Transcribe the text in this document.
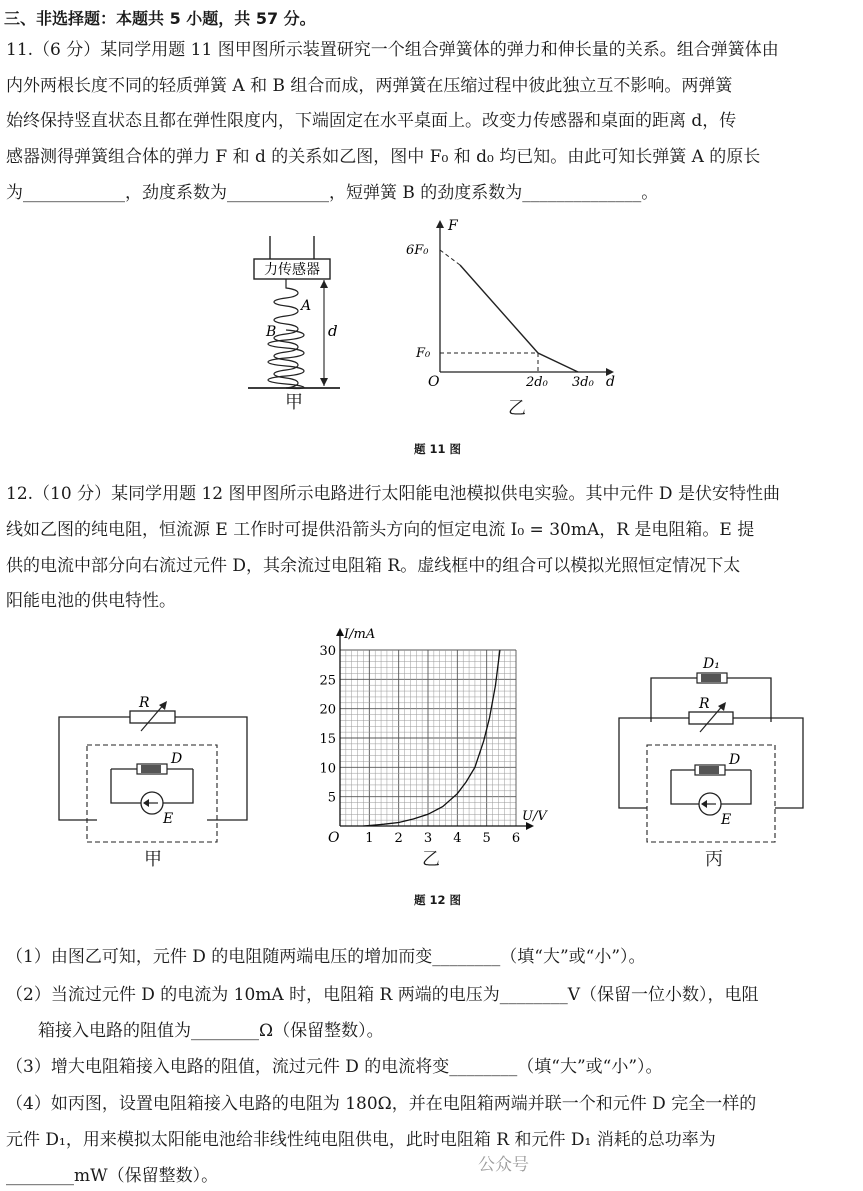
三、非选择题：本题共 5 小题，共 57 分。
11.（6 分）某同学用题 11 图甲图所示装置研究一个组合弹簧体的弹力和伸长量的关系。组合弹簧体由
内外两根长度不同的轻质弹簧 A 和 B 组合而成，两弹簧在压缩过程中彼此独立互不影响。两弹簧
始终保持竖直状态且都在弹性限度内，下端固定在水平桌面上。改变力传感器和桌面的距离 d，传
感器测得弹簧组合体的弹力 F 和 d 的关系如乙图，图中 F₀ 和 d₀ 均已知。由此可知长弹簧 A 的原长
为____________，劲度系数为____________，短弹簧 B 的劲度系数为______________。
力传感器
d
A
B
甲
F
d
O
6F₀
F₀
2d₀ 3d₀
乙
题 11 图
12.（10 分）某同学用题 12 图甲图所示电路进行太阳能电池模拟供电实验。其中元件 D 是伏安特性曲
线如乙图的纯电阻，恒流源 E 工作时可提供沿箭头方向的恒定电流 I₀ = 30mA，R 是电阻箱。E 提
供的电流中部分向右流过元件 D，其余流过电阻箱 R。虚线框中的组合可以模拟光照恒定情况下太
阳能电池的供电特性。
R
D
E
甲
1 2 3 4 5 6
5
10
15
20
25
30
I/mA
U/V
O
乙
D₁
R
D
E
丙
题 12 图
（1）由图乙可知，元件 D 的电阻随两端电压的增加而变________（填“大”或“小”）。
（2）当流过元件 D 的电流为 10mA 时，电阻箱 R 两端的电压为________V（保留一位小数），电阻
箱接入电路的阻值为________Ω（保留整数）。
（3）增大电阻箱接入电路的阻值，流过元件 D 的电流将变________（填“大”或“小”）。
（4）如丙图，设置电阻箱接入电路的电阻为 180Ω，并在电阻箱两端并联一个和元件 D 完全一样的
元件 D₁，用来模拟太阳能电池给非线性纯电阻供电，此时电阻箱 R 和元件 D₁ 消耗的总功率为
________mW（保留整数）。
公众号
